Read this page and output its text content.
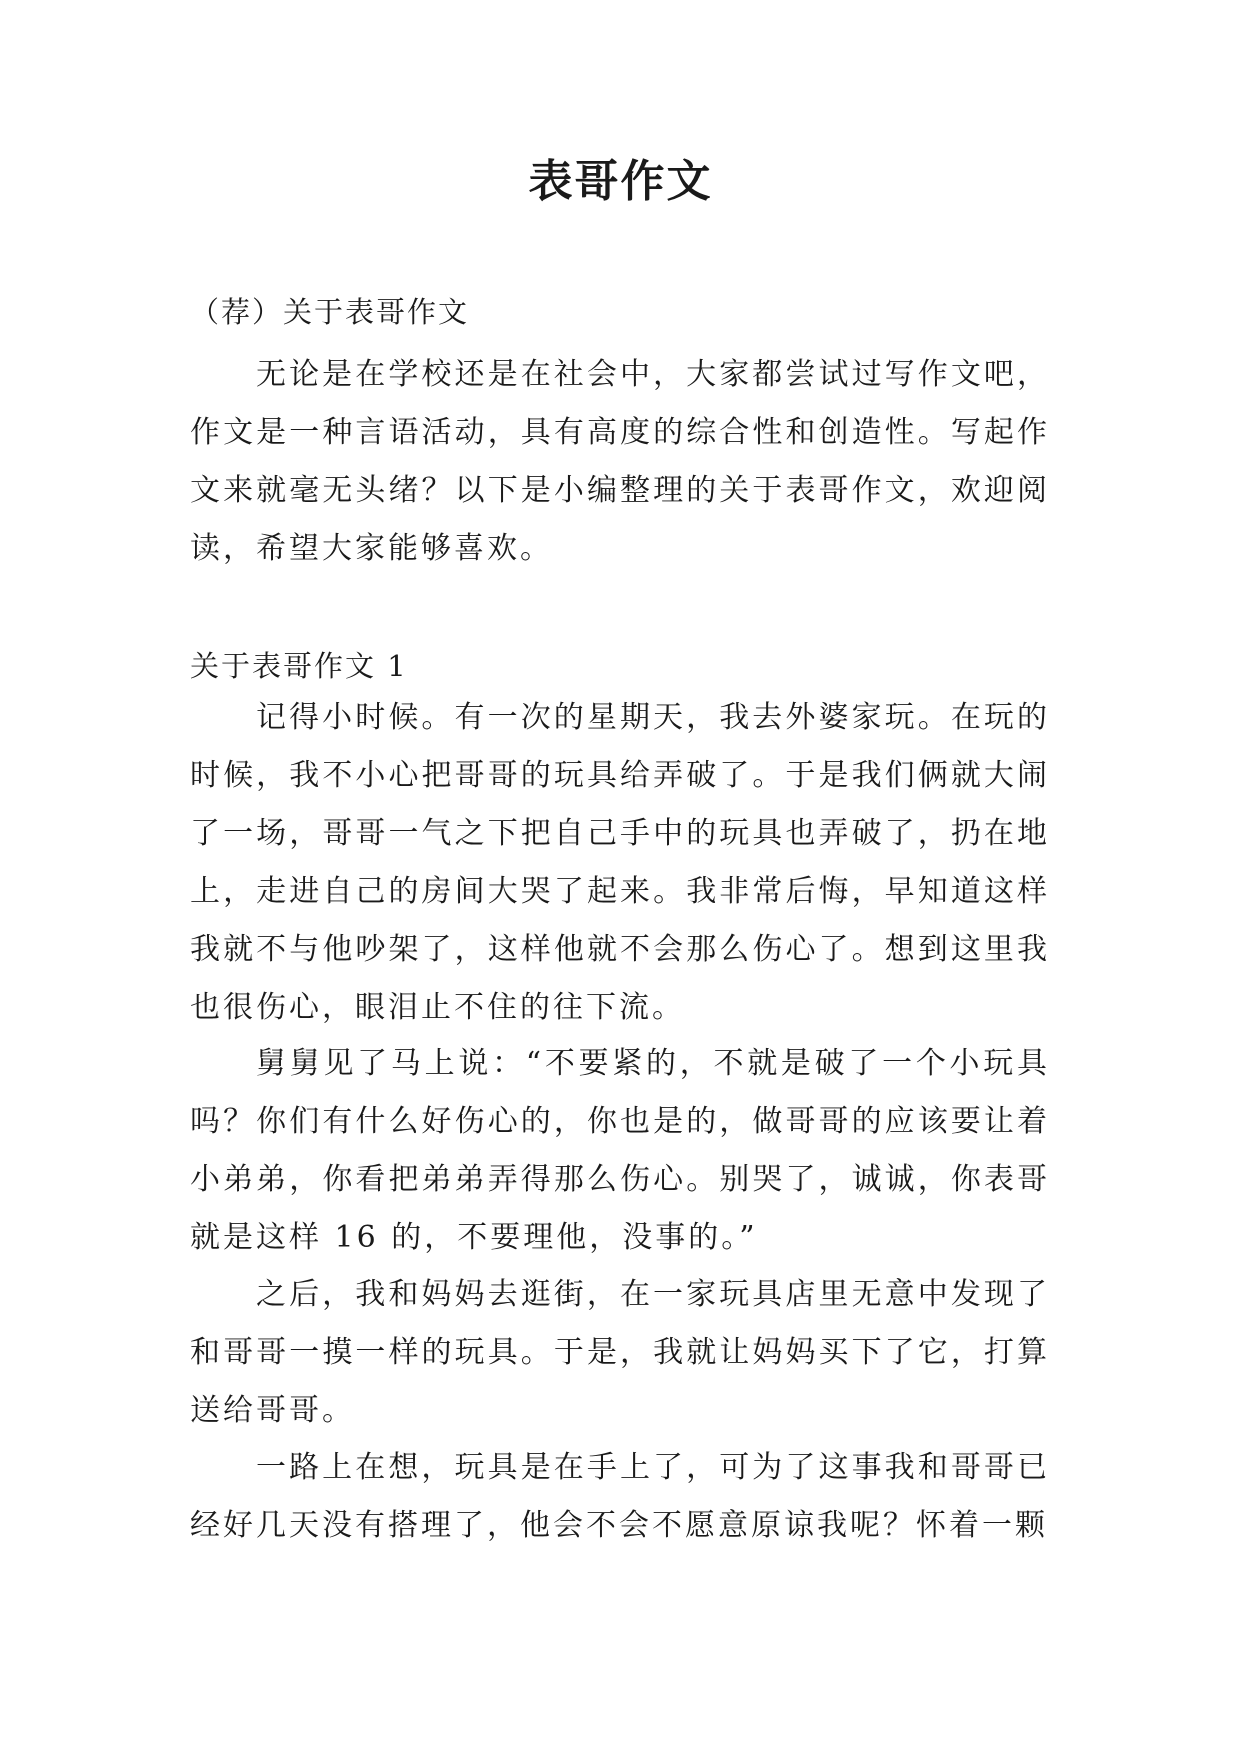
表哥作文
（荐）关于表哥作文

无论是在学校还是在社会中，大家都尝试过写作文吧，作文是一种言语活动，具有高度的综合性和创造性。写起作文来就毫无头绪？以下是小编整理的关于表哥作文，欢迎阅读，希望大家能够喜欢。

关于表哥作文 1

记得小时候。有一次的星期天，我去外婆家玩。在玩的时候，我不小心把哥哥的玩具给弄破了。于是我们俩就大闹了一场，哥哥一气之下把自己手中的玩具也弄破了，扔在地上，走进自己的房间大哭了起来。我非常后悔，早知道这样我就不与他吵架了，这样他就不会那么伤心了。想到这里我也很伤心，眼泪止不住的往下流。

舅舅见了马上说：“不要紧的，不就是破了一个小玩具吗？你们有什么好伤心的，你也是的，做哥哥的应该要让着小弟弟，你看把弟弟弄得那么伤心。别哭了，诚诚，你表哥就是这样 16 的，不要理他，没事的。”

之后，我和妈妈去逛街，在一家玩具店里无意中发现了和哥哥一摸一样的玩具。于是，我就让妈妈买下了它，打算送给哥哥。

一路上在想，玩具是在手上了，可为了这事我和哥哥已经好几天没有搭理了，他会不会不愿意原谅我呢？怀着一颗
